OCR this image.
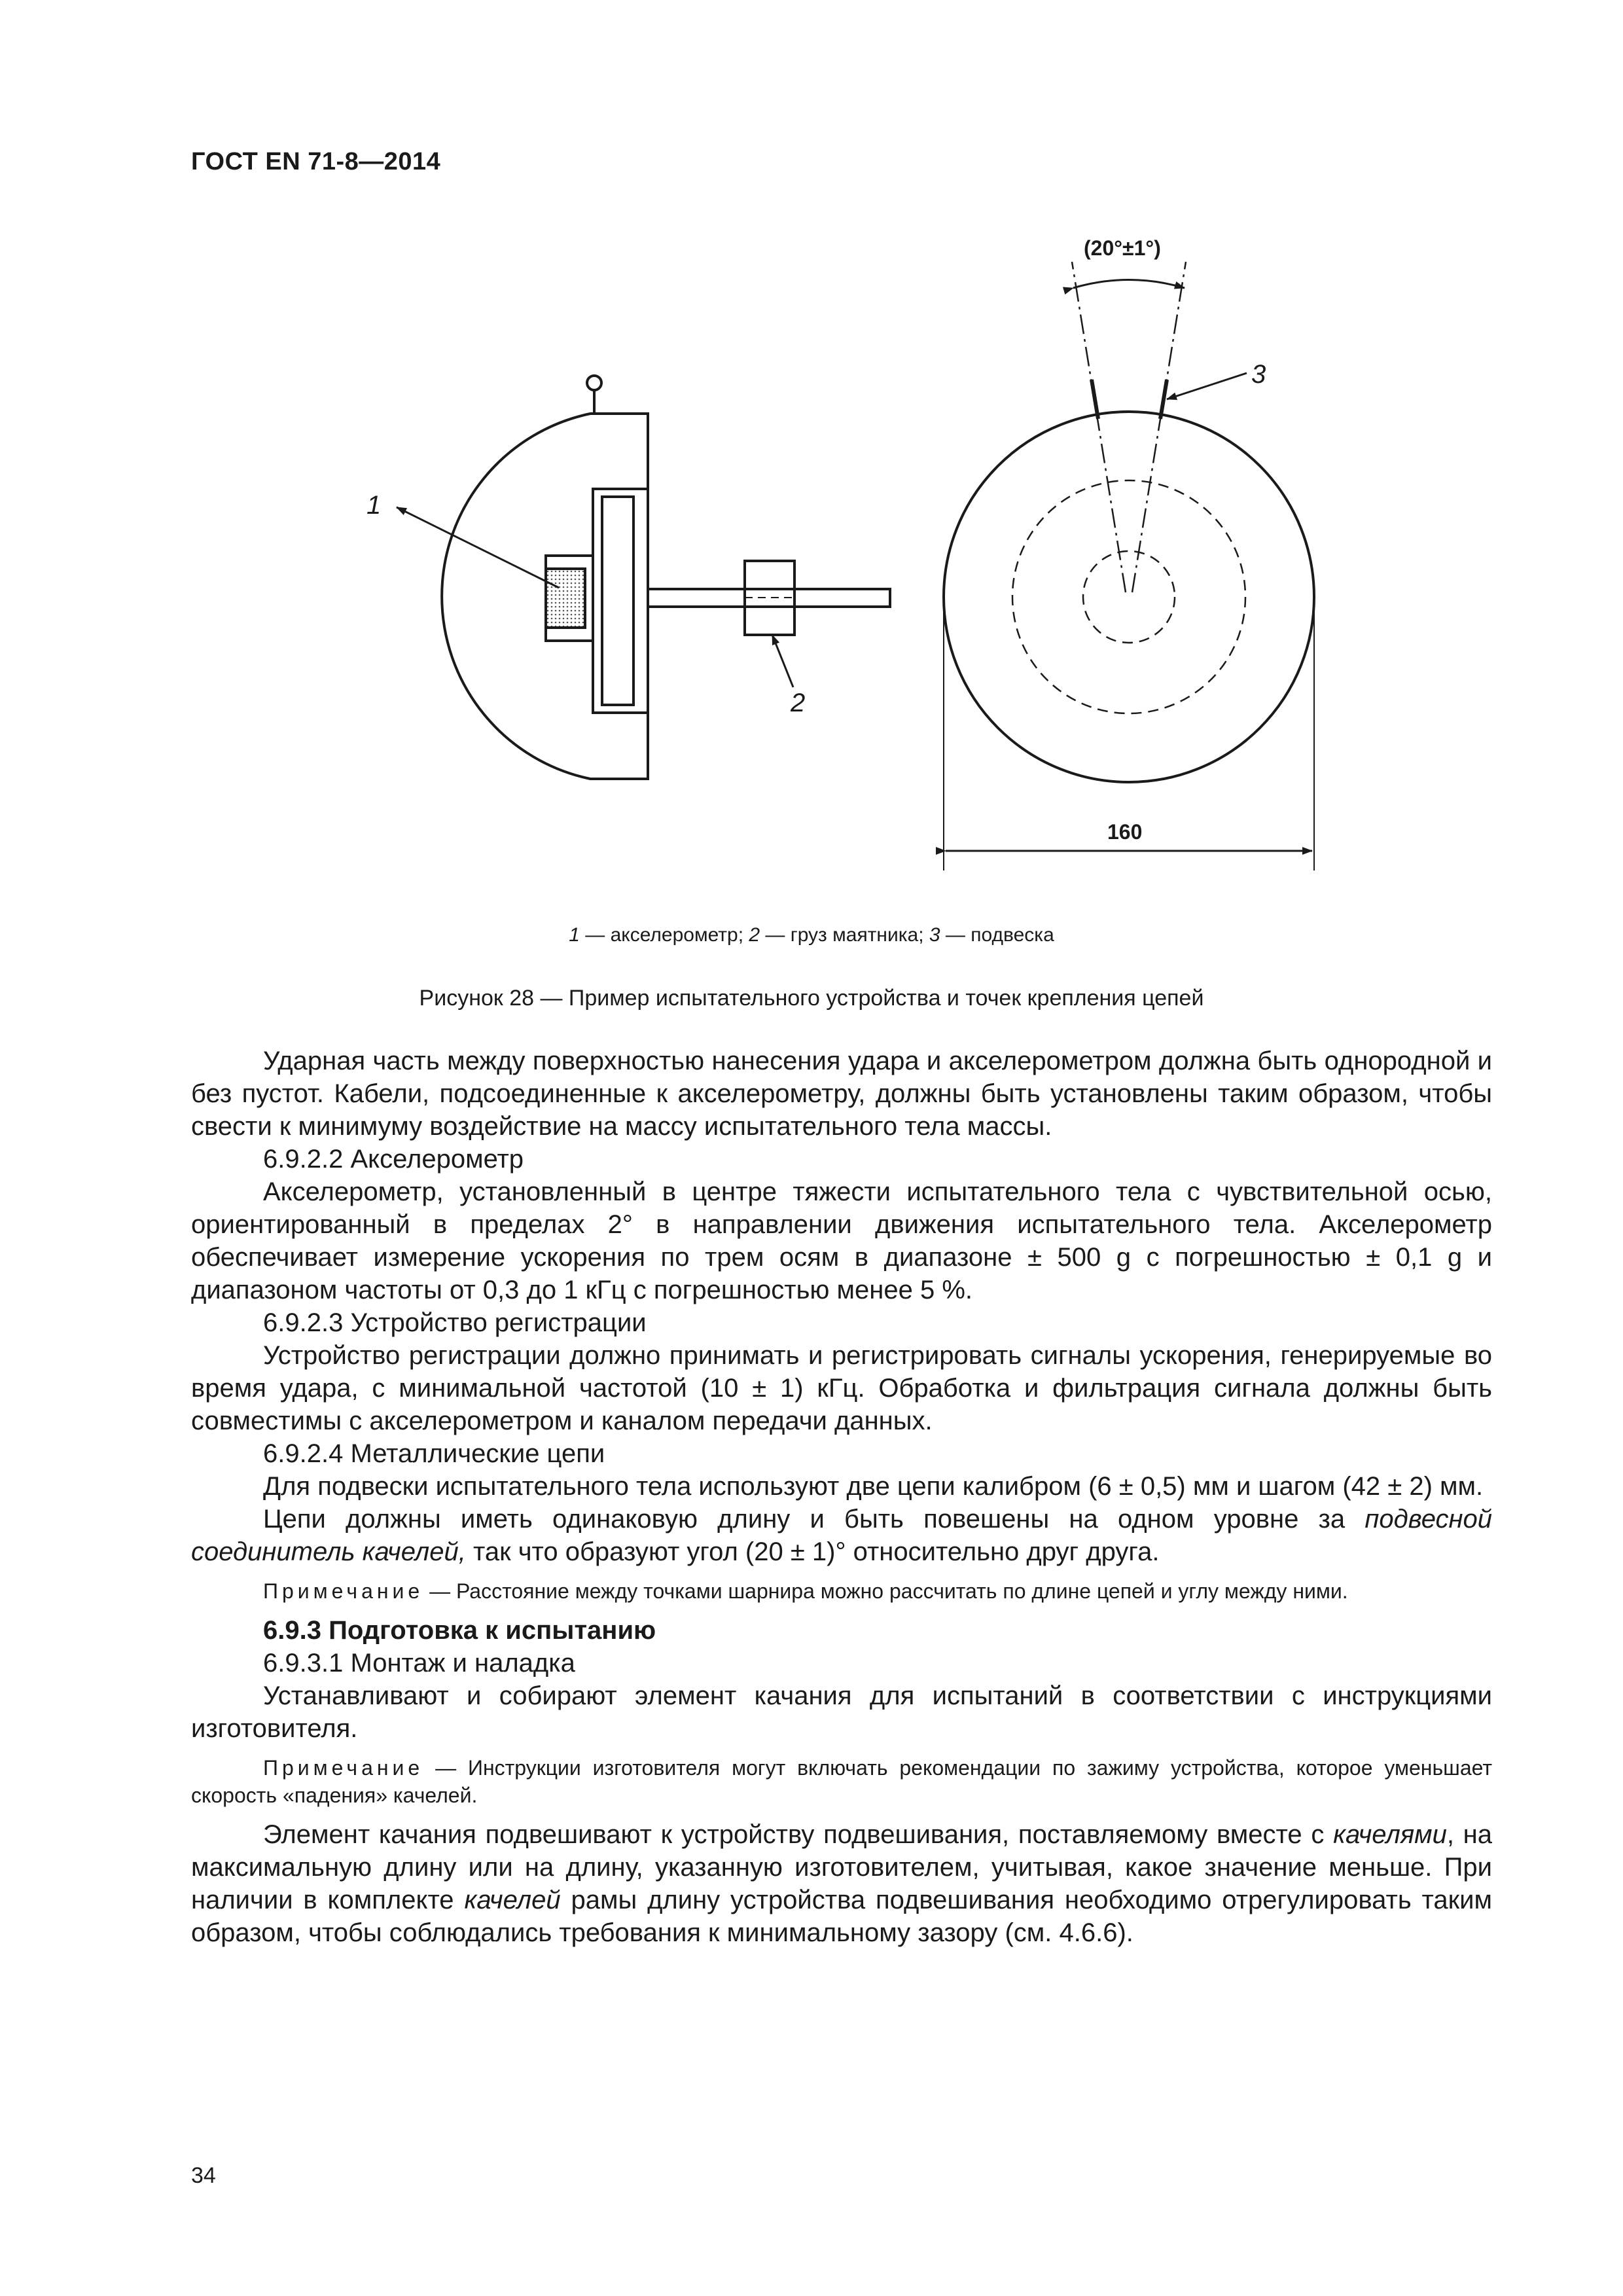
ГОСТ EN 71-8—2014
1
2
3
(20°±1°)
160
1 — акселерометр; 2 — груз маятника; 3 — подвеска
Рисунок 28 — Пример испытательного устройства и точек крепления цепей

Ударная часть между поверхностью нанесения удара и акселерометром должна быть однородной и без пустот. Кабели, подсоединенные к акселерометру, должны быть установлены таким образом, чтобы свести к минимуму воздействие на массу испытательного тела массы.

6.9.2.2 Акселерометр

Акселерометр, установленный в центре тяжести испытательного тела с чувствительной осью, ориентированный в пределах 2° в направлении движения испытательного тела. Акселерометр обеспечивает измерение ускорения по трем осям в диапазоне ± 500 g с погрешностью ± 0,1 g и диапазоном частоты от 0,3 до 1 кГц с погрешностью менее 5 %.

6.9.2.3 Устройство регистрации

Устройство регистрации должно принимать и регистрировать сигналы ускорения, генерируемые во время удара, с минимальной частотой (10 ± 1) кГц. Обработка и фильтрация сигнала должны быть совместимы с акселерометром и каналом передачи данных.

6.9.2.4 Металлические цепи

Для подвески испытательного тела используют две цепи калибром (6 ± 0,5) мм и шагом (42 ± 2) мм.

Цепи должны иметь одинаковую длину и быть повешены на одном уровне за подвесной соединитель качелей, так что образуют угол (20 ± 1)° относительно друг друга.

Примечание — Расстояние между точками шарнира можно рассчитать по длине цепей и углу между ними.

6.9.3 Подготовка к испытанию

6.9.3.1 Монтаж и наладка

Устанавливают и собирают элемент качания для испытаний в соответствии с инструкциями изготовителя.

Примечание — Инструкции изготовителя могут включать рекомендации по зажиму устройства, которое уменьшает скорость «падения» качелей.

Элемент качания подвешивают к устройству подвешивания, поставляемому вместе с качелями, на максимальную длину или на длину, указанную изготовителем, учитывая, какое значение меньше. При наличии в комплекте качелей рамы длину устройства подвешивания необходимо отрегулировать таким образом, чтобы соблюдались требования к минимальному зазору (см. 4.6.6).

34
